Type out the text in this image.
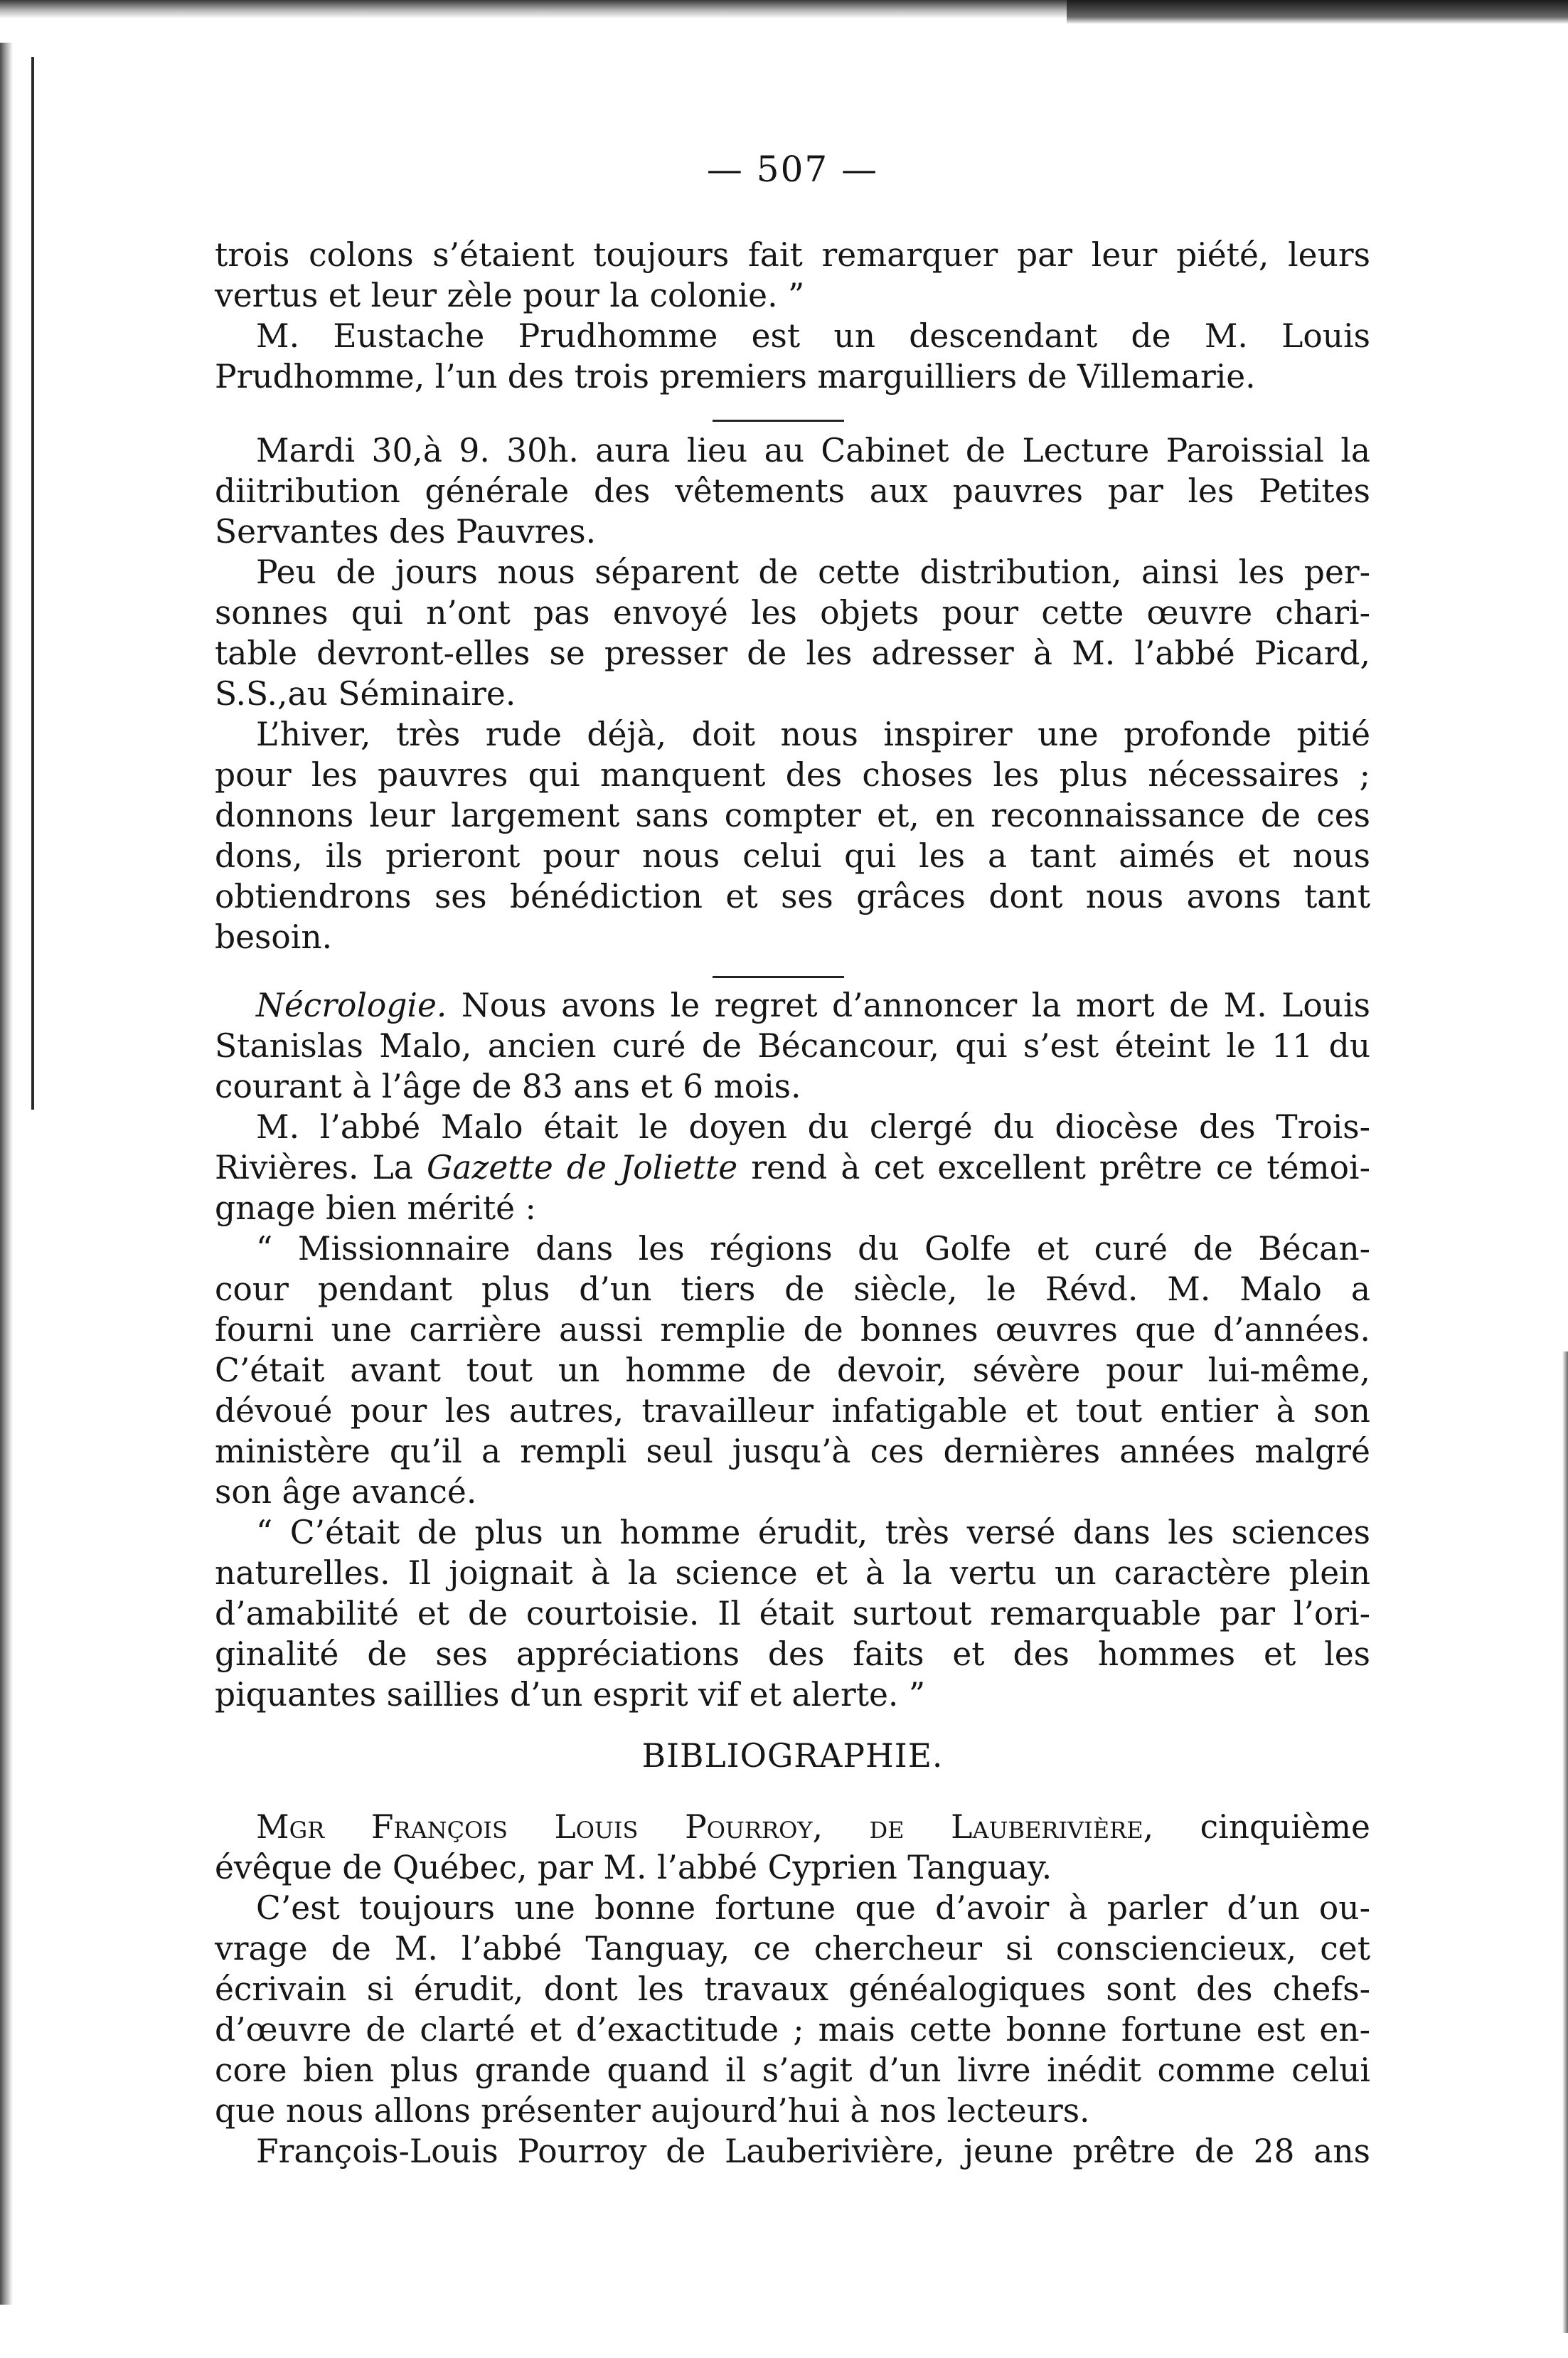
— 507 —
trois colons s’étaient toujours fait remarquer par leur piété, leurs
vertus et leur zèle pour la colonie. ”
M. Eustache Prudhomme est un descendant de M. Louis
Prudhomme, l’un des trois premiers marguilliers de Villemarie.
Mardi 30,à 9. 30h. aura lieu au Cabinet de Lecture Paroissial la
diitribution générale des vêtements aux pauvres par les Petites
Servantes des Pauvres.
Peu de jours nous séparent de cette distribution, ainsi les per-
sonnes qui n’ont pas envoyé les objets pour cette œuvre chari-
table devront-elles se presser de les adresser à M. l’abbé Picard,
S.S.,au Séminaire.
L’hiver, très rude déjà, doit nous inspirer une profonde pitié
pour les pauvres qui manquent des choses les plus nécessaires ;
donnons leur largement sans compter et, en reconnaissance de ces
dons, ils prieront pour nous celui qui les a tant aimés et nous
obtiendrons ses bénédiction et ses grâces dont nous avons tant
besoin.
Nécrologie. Nous avons le regret d’annoncer la mort de M. Louis
Stanislas Malo, ancien curé de Bécancour, qui s’est éteint le 11 du
courant à l’âge de 83 ans et 6 mois.
M. l’abbé Malo était le doyen du clergé du diocèse des Trois-
Rivières. La Gazette de Joliette rend à cet excellent prêtre ce témoi-
gnage bien mérité :
“ Missionnaire dans les régions du Golfe et curé de Bécan-
cour pendant plus d’un tiers de siècle, le Révd. M. Malo a
fourni une carrière aussi remplie de bonnes œuvres que d’années.
C’était avant tout un homme de devoir, sévère pour lui-même,
dévoué pour les autres, travailleur infatigable et tout entier à son
ministère qu’il a rempli seul jusqu’à ces dernières années malgré
son âge avancé.
“ C’était de plus un homme érudit, très versé dans les sciences
naturelles. Il joignait à la science et à la vertu un caractère plein
d’amabilité et de courtoisie. Il était surtout remarquable par l’ori-
ginalité de ses appréciations des faits et des hommes et les
piquantes saillies d’un esprit vif et alerte. ”
BIBLIOGRAPHIE.
Mgr François Louis Pourroy, de Lauberivière, cinquième
évêque de Québec, par M. l’abbé Cyprien Tanguay.
C’est toujours une bonne fortune que d’avoir à parler d’un ou-
vrage de M. l’abbé Tanguay, ce chercheur si consciencieux, cet
écrivain si érudit, dont les travaux généalogiques sont des chefs-
d’œuvre de clarté et d’exactitude ; mais cette bonne fortune est en-
core bien plus grande quand il s’agit d’un livre inédit comme celui
que nous allons présenter aujourd’hui à nos lecteurs.
François-Louis Pourroy de Lauberivière, jeune prêtre de 28 ans
